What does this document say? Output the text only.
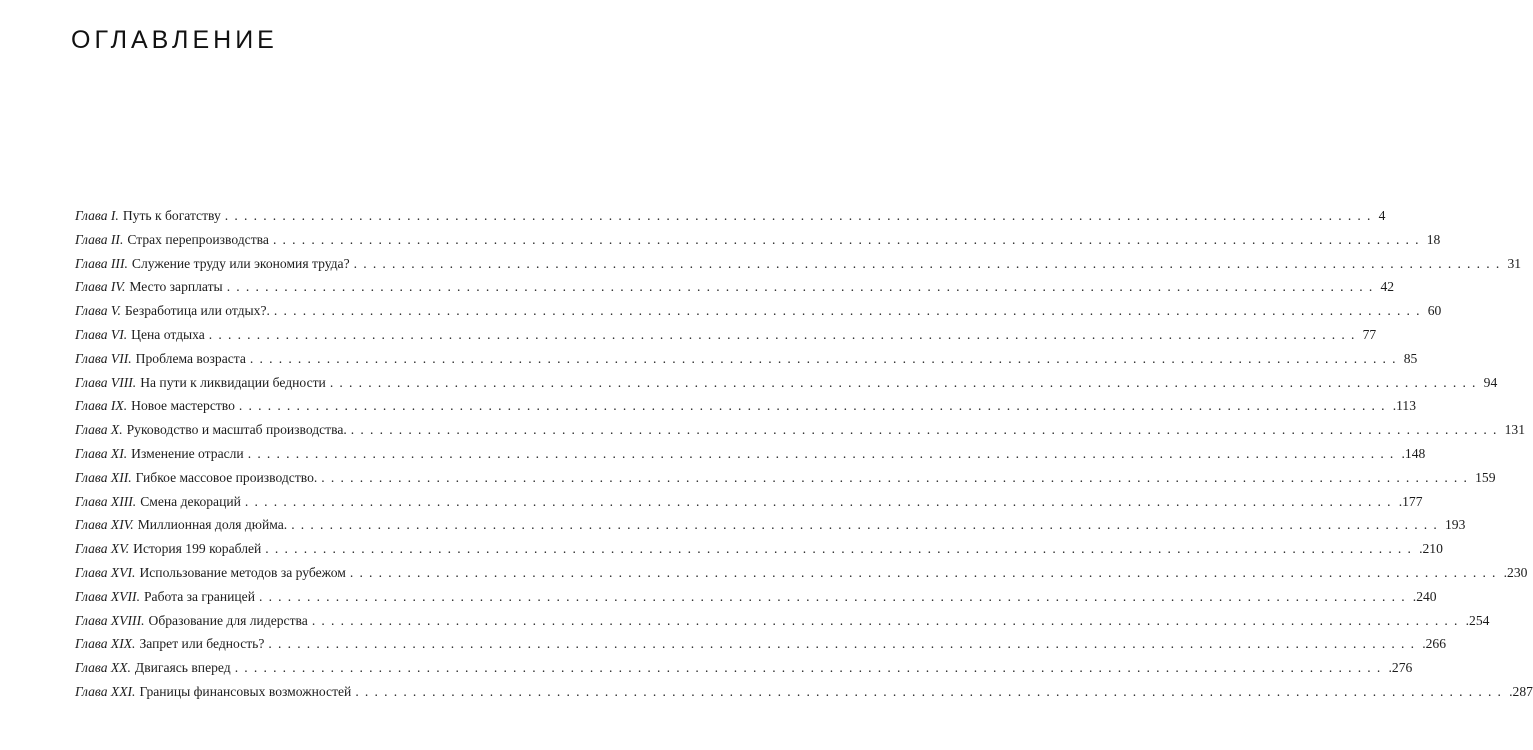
ОГЛАВЛЕНИЕ
Глава I. Путь к богатству ........................................................................................................................ 4
Глава II. Страх перепроизводства ........................................................................................................................ 18
Глава III. Служение труду или экономия труда? ........................................................................................................................ 31
Глава IV. Место зарплаты ........................................................................................................................ 42
Глава V. Безработица или отдых?. ........................................................................................................................ 60
Глава VI. Цена отдыха ........................................................................................................................ 77
Глава VII. Проблема возраста ........................................................................................................................ 85
Глава VIII. На пути к ликвидации бедности ........................................................................................................................ 94
Глава IX. Новое мастерство ........................................................................................................................ .113
Глава X. Руководство и масштаб производства. ........................................................................................................................ 131
Глава XI. Изменение отрасли ........................................................................................................................ .148
Глава XII. Гибкое массовое производство. ........................................................................................................................ 159
Глава XIII. Смена декораций ........................................................................................................................ .177
Глава XIV. Миллионная доля дюйма. ........................................................................................................................ 193
Глава XV. История 199 кораблей ........................................................................................................................ .210
Глава XVI. Использование методов за рубежом ........................................................................................................................ .230
Глава XVII. Работа за границей ........................................................................................................................ .240
Глава XVIII. Образование для лидерства ........................................................................................................................ .254
Глава XIX. Запрет или бедность? ........................................................................................................................ .266
Глава XX. Двигаясь вперед ........................................................................................................................ .276
Глава XXI. Границы финансовых возможностей ........................................................................................................................ .287
